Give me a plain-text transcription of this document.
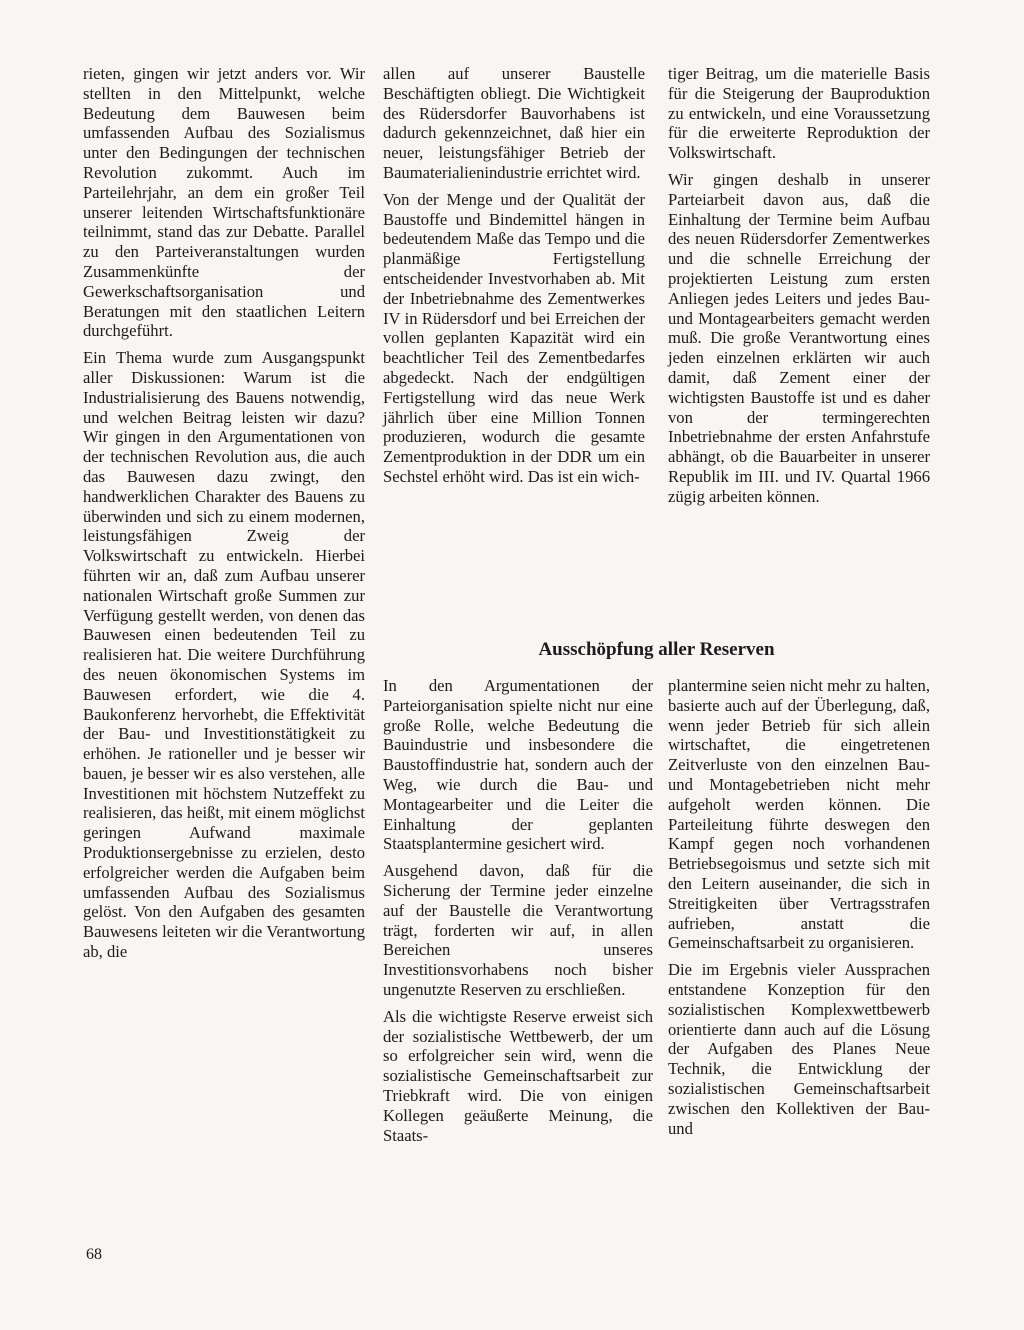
rieten, gingen wir jetzt anders vor. Wir stellten in den Mittelpunkt, welche Bedeutung dem Bauwesen beim umfassenden Aufbau des Sozialismus unter den Bedingungen der technischen Revolution zukommt. Auch im Parteilehrjahr, an dem ein großer Teil unserer leitenden Wirtschaftsfunktionäre teilnimmt, stand das zur Debatte. Parallel zu den Parteiveranstaltungen wurden Zusammenkünfte der Gewerkschaftsorganisation und Beratungen mit den staatlichen Leitern durchgeführt.

Ein Thema wurde zum Ausgangspunkt aller Diskussionen: Warum ist die Industrialisierung des Bauens notwendig, und welchen Beitrag leisten wir dazu? Wir gingen in den Argumentationen von der technischen Revolution aus, die auch das Bauwesen dazu zwingt, den handwerklichen Charakter des Bauens zu überwinden und sich zu einem modernen, leistungsfähigen Zweig der Volkswirtschaft zu entwickeln. Hierbei führten wir an, daß zum Aufbau unserer nationalen Wirtschaft große Summen zur Verfügung gestellt werden, von denen das Bauwesen einen bedeutenden Teil zu realisieren hat. Die weitere Durchführung des neuen ökonomischen Systems im Bauwesen erfordert, wie die 4. Baukonferenz hervorhebt, die Effektivität der Bau- und Investitionstätigkeit zu erhöhen. Je rationeller und je besser wir bauen, je besser wir es also verstehen, alle Investitionen mit höchstem Nutzeffekt zu realisieren, das heißt, mit einem möglichst geringen Aufwand maximale Produktionsergebnisse zu erzielen, desto erfolgreicher werden die Aufgaben beim umfassenden Aufbau des Sozialismus gelöst. Von den Aufgaben des gesamten Bauwesens leiteten wir die Verantwortung ab, die

allen auf unserer Baustelle Beschäftigten obliegt. Die Wichtigkeit des Rüdersdorfer Bauvorhabens ist dadurch gekennzeichnet, daß hier ein neuer, leistungsfähiger Betrieb der Baumaterialienindustrie errichtet wird.

Von der Menge und der Qualität der Baustoffe und Bindemittel hängen in bedeutendem Maße das Tempo und die planmäßige Fertigstellung entscheidender Investvorhaben ab. Mit der Inbetriebnahme des Zementwerkes IV in Rüdersdorf und bei Erreichen der vollen geplanten Kapazität wird ein beachtlicher Teil des Zementbedarfes abgedeckt. Nach der endgültigen Fertigstellung wird das neue Werk jährlich über eine Million Tonnen produzieren, wodurch die gesamte Zementproduktion in der DDR um ein Sechstel erhöht wird. Das ist ein wich-

tiger Beitrag, um die materielle Basis für die Steigerung der Bauproduktion zu entwickeln, und eine Voraussetzung für die erweiterte Reproduktion der Volkswirtschaft.

Wir gingen deshalb in unserer Parteiarbeit davon aus, daß die Einhaltung der Termine beim Aufbau des neuen Rüdersdorfer Zementwerkes und die schnelle Erreichung der projektierten Leistung zum ersten Anliegen jedes Leiters und jedes Bau- und Montagearbeiters gemacht werden muß. Die große Verantwortung eines jeden einzelnen erklärten wir auch damit, daß Zement einer der wichtigsten Baustoffe ist und es daher von der termingerechten Inbetriebnahme der ersten Anfahrstufe abhängt, ob die Bauarbeiter in unserer Republik im III. und IV. Quartal 1966 zügig arbeiten können.

Ausschöpfung aller Reserven

In den Argumentationen der Parteiorganisation spielte nicht nur eine große Rolle, welche Bedeutung die Bauindustrie und insbesondere die Baustoffindustrie hat, sondern auch der Weg, wie durch die Bau- und Montagearbeiter und die Leiter die Einhaltung der geplanten Staatsplantermine gesichert wird.

Ausgehend davon, daß für die Sicherung der Termine jeder einzelne auf der Baustelle die Verantwortung trägt, forderten wir auf, in allen Bereichen unseres Investitionsvorhabens noch bisher ungenutzte Reserven zu erschließen.

Als die wichtigste Reserve erweist sich der sozialistische Wettbewerb, der um so erfolgreicher sein wird, wenn die sozialistische Gemeinschaftsarbeit zur Triebkraft wird. Die von einigen Kollegen geäußerte Meinung, die Staats-

plantermine seien nicht mehr zu halten, basierte auch auf der Überlegung, daß, wenn jeder Betrieb für sich allein wirtschaftet, die eingetretenen Zeitverluste von den einzelnen Bau- und Montagebetrieben nicht mehr aufgeholt werden können. Die Parteileitung führte deswegen den Kampf gegen noch vorhandenen Betriebsegoismus und setzte sich mit den Leitern auseinander, die sich in Streitigkeiten über Vertragsstrafen aufrieben, anstatt die Gemeinschaftsarbeit zu organisieren.

Die im Ergebnis vieler Aussprachen entstandene Konzeption für den sozialistischen Komplexwettbewerb orientierte dann auch auf die Lösung der Aufgaben des Planes Neue Technik, die Entwicklung der sozialistischen Gemeinschaftsarbeit zwischen den Kollektiven der Bau- und

68
